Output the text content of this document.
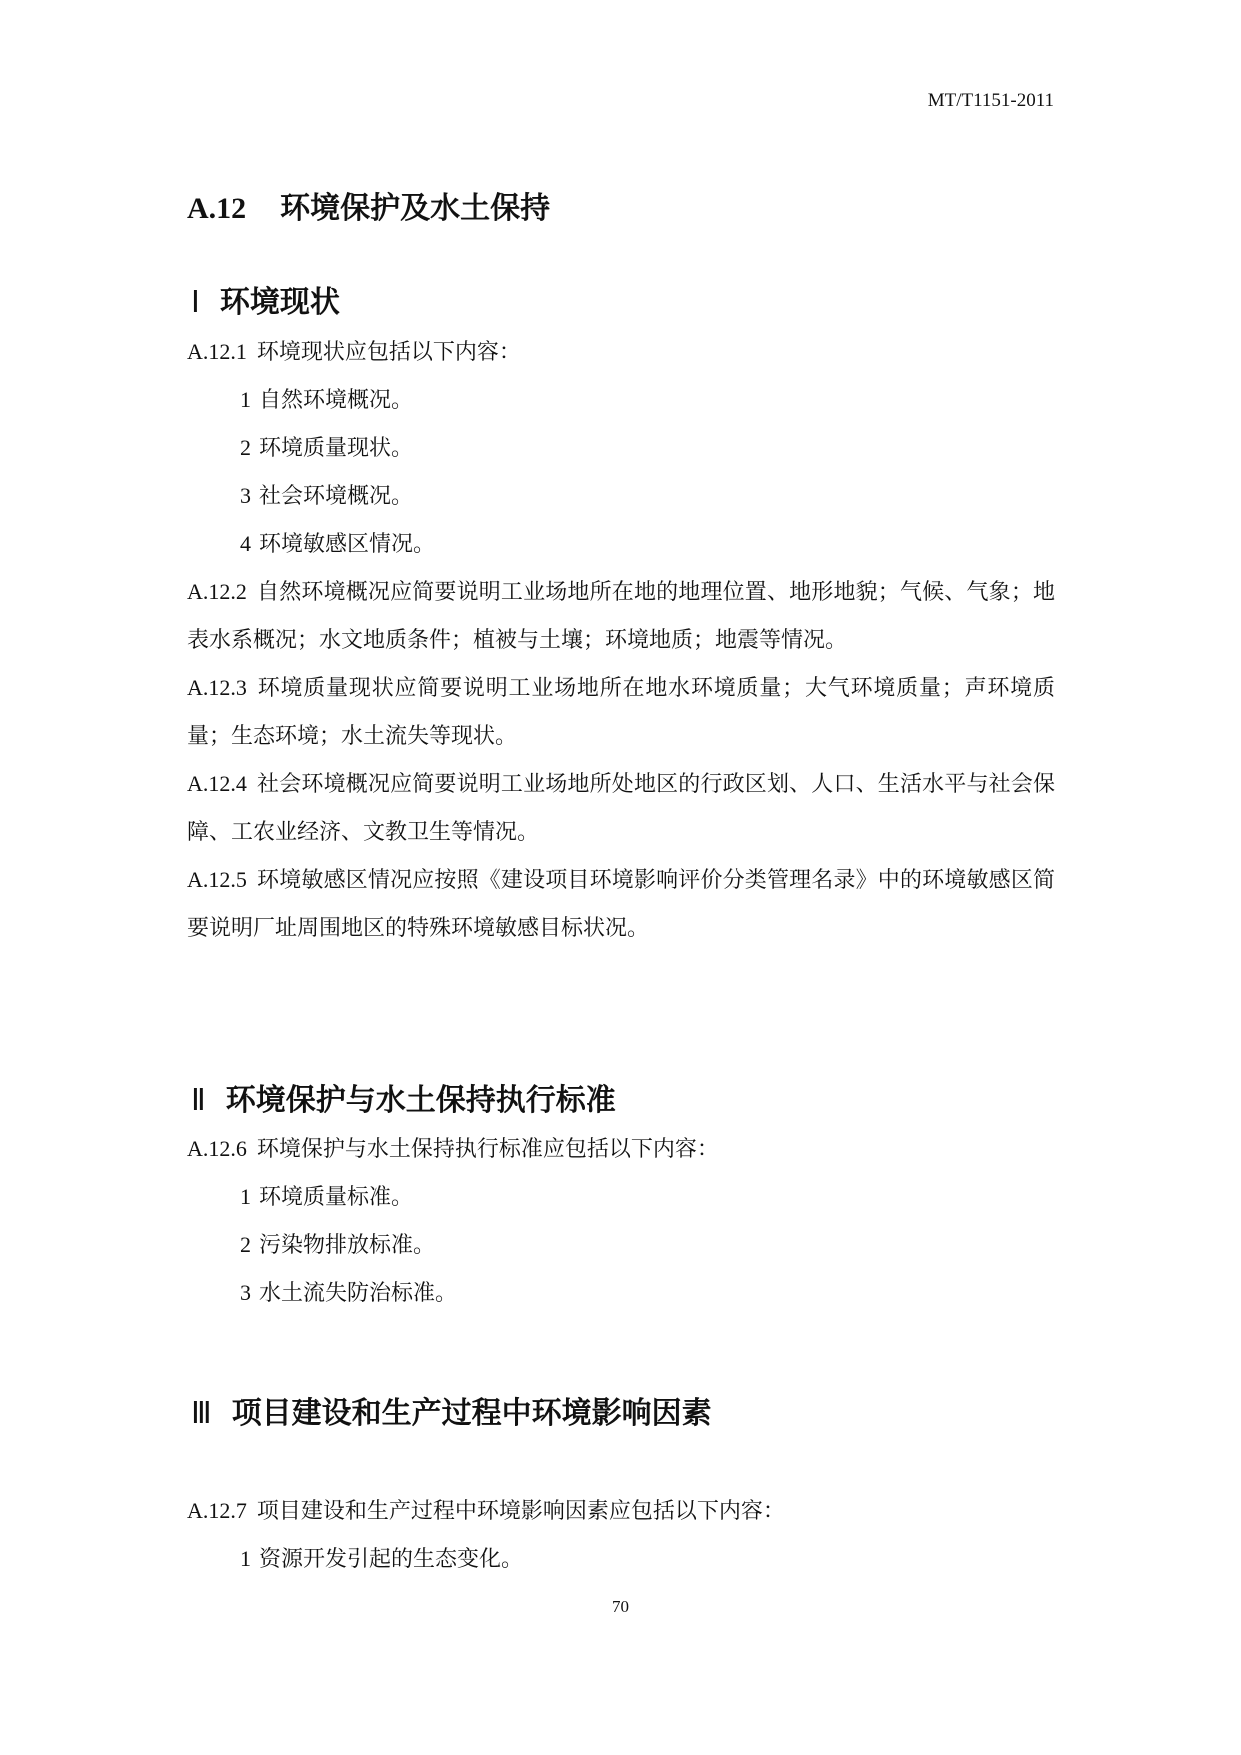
MT/T1151-2011
A.12 环境保护及水土保持
Ⅰ 环境现状
A.12.1 环境现状应包括以下内容：
1 自然环境概况。
2 环境质量现状。
3 社会环境概况。
4 环境敏感区情况。
A.12.2 自然环境概况应简要说明工业场地所在地的地理位置、地形地貌；气候、气象；地表水系概况；水文地质条件；植被与土壤；环境地质；地震等情况。
A.12.3 环境质量现状应简要说明工业场地所在地水环境质量；大气环境质量；声环境质量；生态环境；水土流失等现状。
A.12.4 社会环境概况应简要说明工业场地所处地区的行政区划、人口、生活水平与社会保障、工农业经济、文教卫生等情况。
A.12.5 环境敏感区情况应按照《建设项目环境影响评价分类管理名录》中的环境敏感区简要说明厂址周围地区的特殊环境敏感目标状况。
Ⅱ 环境保护与水土保持执行标准
A.12.6 环境保护与水土保持执行标准应包括以下内容：
1 环境质量标准。
2 污染物排放标准。
3 水土流失防治标准。
Ⅲ 项目建设和生产过程中环境影响因素
A.12.7 项目建设和生产过程中环境影响因素应包括以下内容：
1 资源开发引起的生态变化。
70
